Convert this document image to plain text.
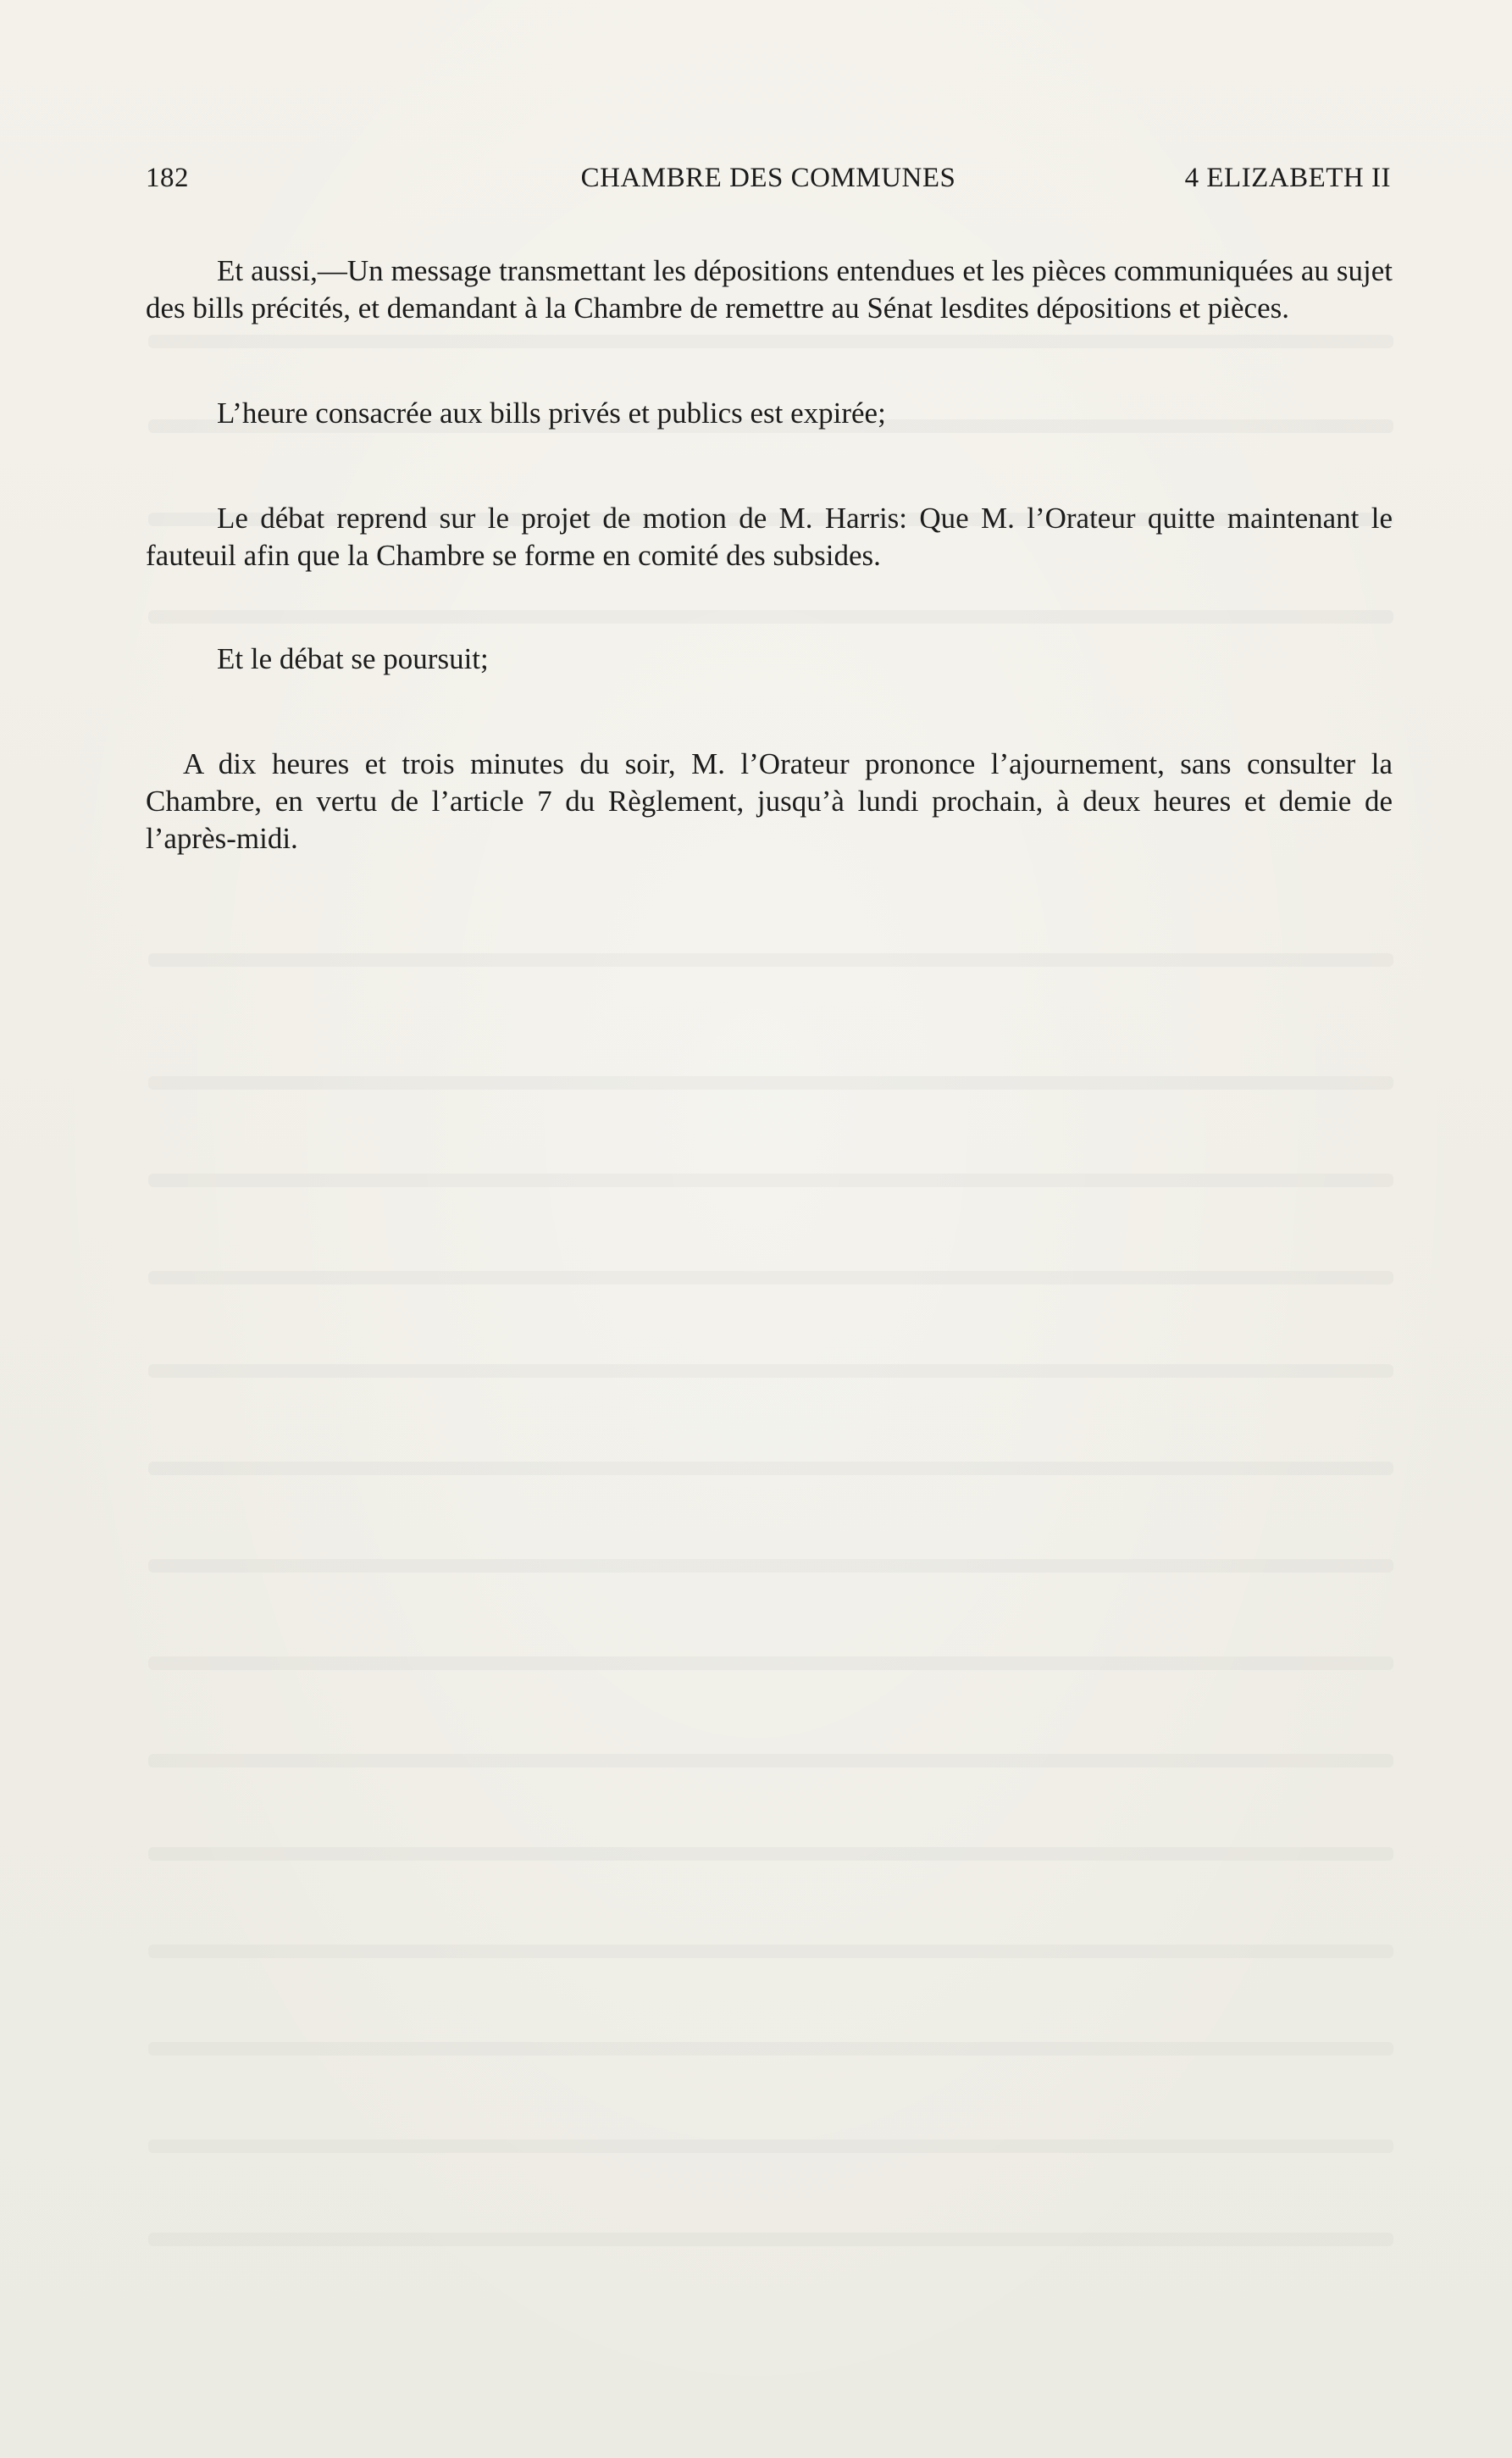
182	CHAMBRE DES COMMUNES	4 ELIZABETH II

Et aussi,—Un message transmettant les dépositions entendues et les pièces communiquées au sujet des bills précités, et demandant à la Chambre de remettre au Sénat lesdites dépositions et pièces.

L’heure consacrée aux bills privés et publics est expirée;

Le débat reprend sur le projet de motion de M. Harris: Que M. l’Orateur quitte maintenant le fauteuil afin que la Chambre se forme en comité des subsides.

Et le débat se poursuit;

A dix heures et trois minutes du soir, M. l’Orateur prononce l’ajournement, sans consulter la Chambre, en vertu de l’article 7 du Règlement, jusqu’à lundi prochain, à deux heures et demie de l’après-midi.
